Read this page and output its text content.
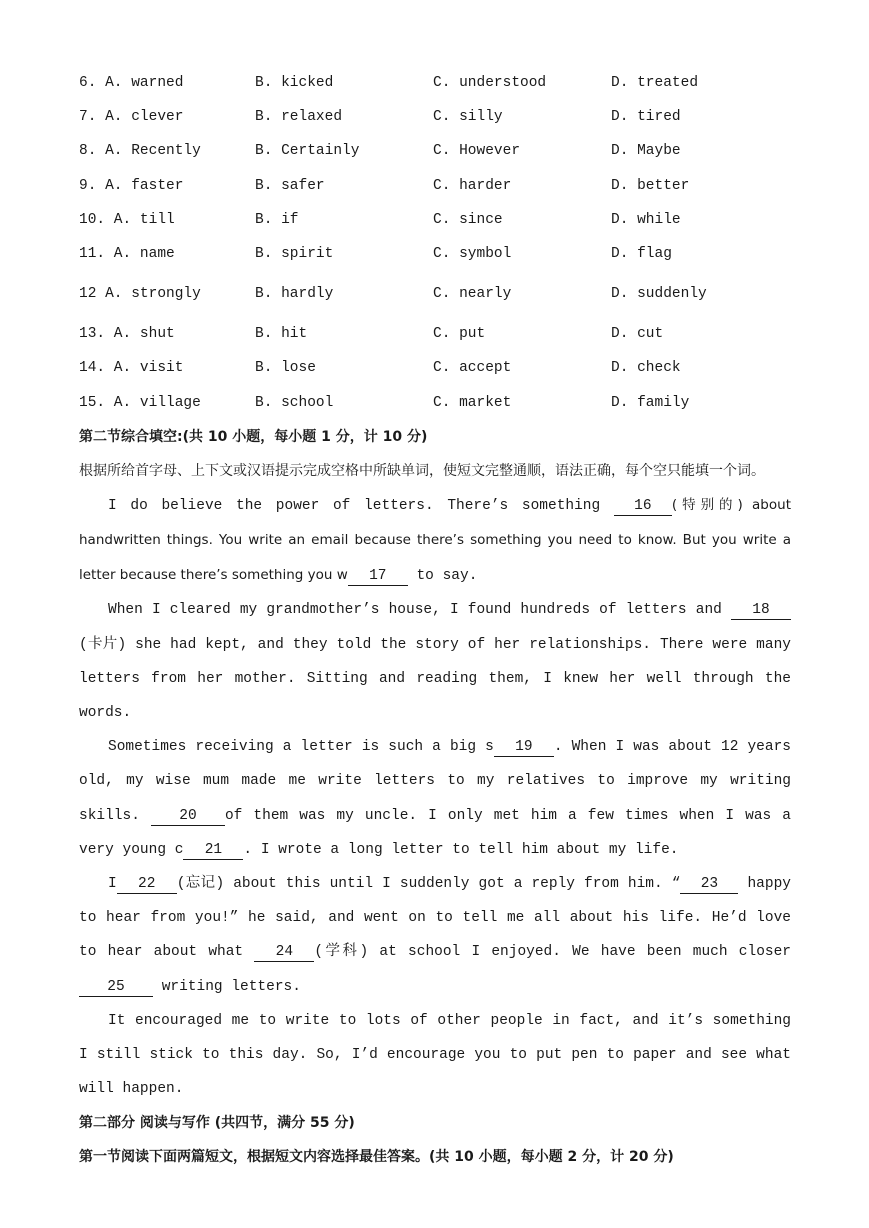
6. A. warned	B. kicked	C. understood	D. treated
7. A. clever	B. relaxed	C. silly	D. tired
8. A. Recently	B. Certainly	C. However	D. Maybe
9. A. faster	B. safer	C. harder	D. better
10. A. till	B. if	C. since	D. while
11. A. name	B. spirit	C. symbol	D. flag
12 A. strongly	B. hardly	C. nearly	D. suddenly
13. A. shut	B. hit	C. put	D. cut
14. A. visit	B. lose	C. accept	D. check
15. A. village	B. school	C. market	D. family
第二节综合填空:(共 10 小题，每小题 1 分，计 10 分)
根据所给首字母、上下文或汉语提示完成空格中所缺单词，使短文完整通顺，语法正确，每个空只能填一个词。
I do believe the power of letters. There’s something 16 (特别的) about handwritten things. You write an email because there’s something you need to know. But you write a letter because there’s something you w 17 to say.
When I cleared my grandmother’s house, I found hundreds of letters and 18(卡片) she had kept, and they told the story of her relationships. There were many letters from her mother. Sitting and reading them, I knew her well through the words.
Sometimes receiving a letter is such a big s 19 . When I was about 12 years old, my wise mum made me write letters to my relatives to improve my writing skills. 20 of them was my uncle. I only met him a few times when I was a very young c 21 . I wrote a long letter to tell him about my life.
I 22 (忘记) about this until I suddenly got a reply from him. “ 23 happy to hear from you!” he said, and went on to tell me all about his life. He’d love to hear about what 24 (学科) at school I enjoyed. We have been much closer 25 writing letters.
It encouraged me to write to lots of other people in fact, and it’s something I still stick to this day. So, I’d encourage you to put pen to paper and see what will happen.
第二部分 阅读与写作 (共四节，满分 55 分)
第一节阅读下面两篇短文，根据短文内容选择最佳答案。(共 10 小题，每小题 2 分，计 20 分)
